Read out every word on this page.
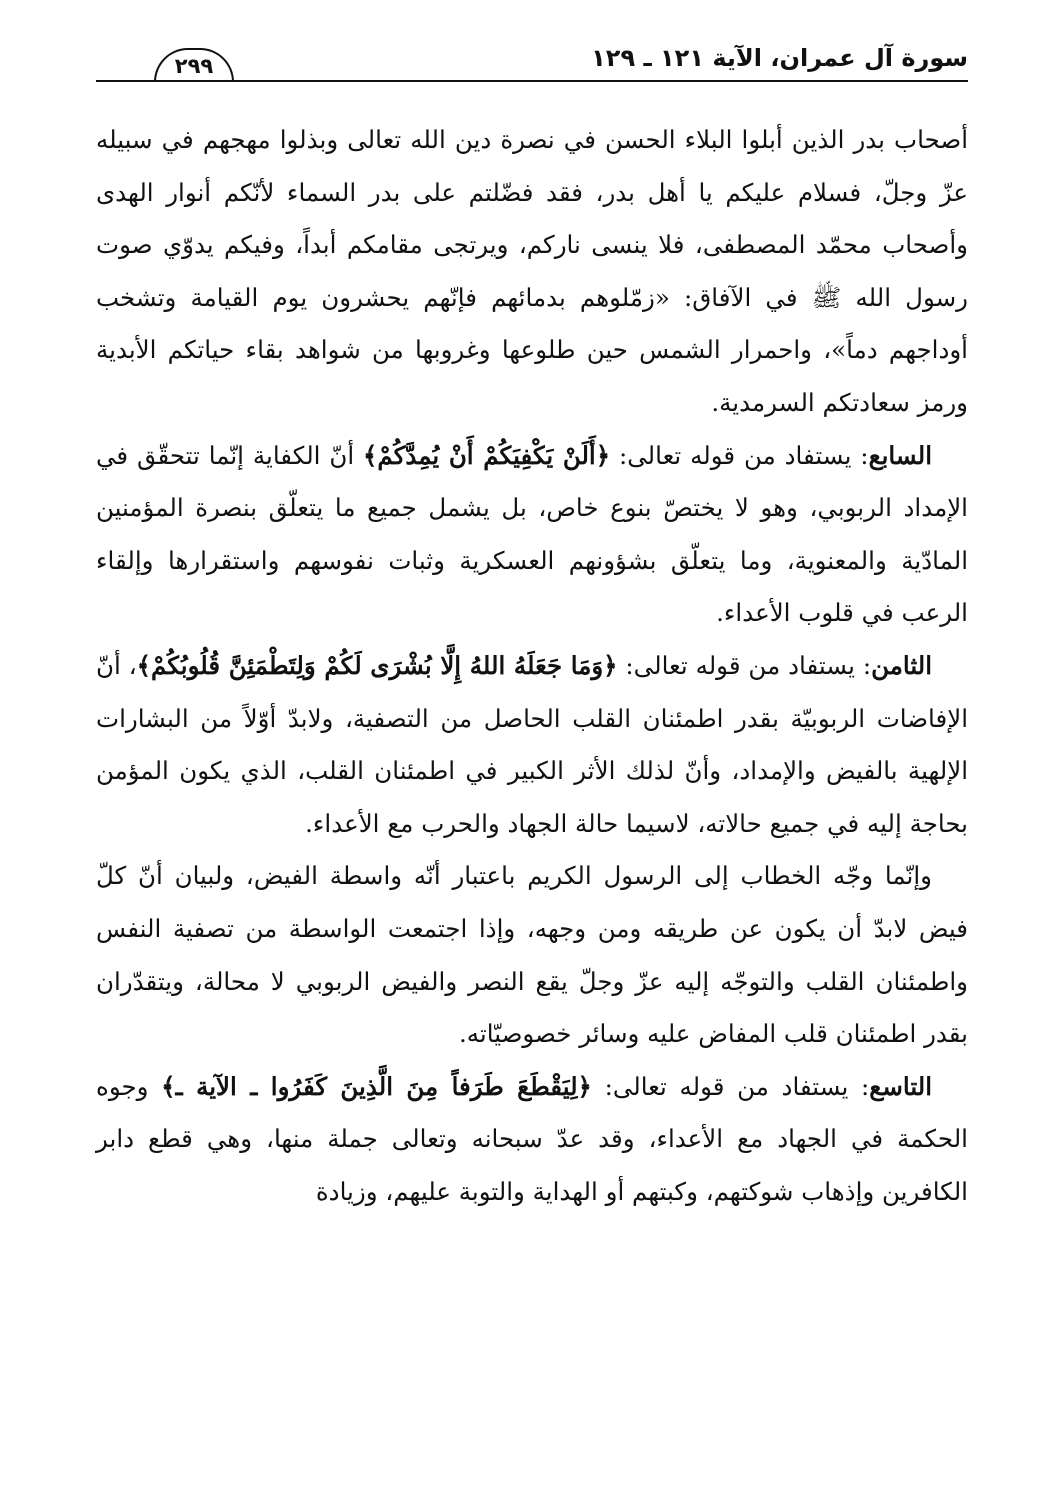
سورة آل عمران، الآية ١٢١ ـ ١٢٩
٢٩٩

أصحاب بدر الذين أبلوا البلاء الحسن في نصرة دين الله تعالى وبذلوا مهجهم في سبيله عزّ وجلّ، فسلام عليكم يا أهل بدر، فقد فضّلتم على بدر السماء لأنّكم أنوار الهدى وأصحاب محمّد المصطفى، فلا ينسى ناركم، ويرتجى مقامكم أبداً، وفيكم يدوّي صوت رسول الله ﷺ في الآفاق: «زمّلوهم بدمائهم فإنّهم يحشرون يوم القيامة وتشخب أوداجهم دماً»، واحمرار الشمس حين طلوعها وغروبها من شواهد بقاء حياتكم الأبدية ورمز سعادتكم السرمدية.

السابع: يستفاد من قوله تعالى: ﴿أَلَنْ يَكْفِيَكُمْ أَنْ يُمِدَّكُمْ﴾ أنّ الكفاية إنّما تتحقّق في الإمداد الربوبي، وهو لا يختصّ بنوع خاص، بل يشمل جميع ما يتعلّق بنصرة المؤمنين المادّية والمعنوية، وما يتعلّق بشؤونهم العسكرية وثبات نفوسهم واستقرارها وإلقاء الرعب في قلوب الأعداء.

الثامن: يستفاد من قوله تعالى: ﴿وَمَا جَعَلَهُ اللهُ إِلَّا بُشْرَى لَكُمْ وَلِتَطْمَئِنَّ قُلُوبُكُمْ﴾، أنّ الإفاضات الربوبيّة بقدر اطمئنان القلب الحاصل من التصفية، ولابدّ أوّلاً من البشارات الإلهية بالفيض والإمداد، وأنّ لذلك الأثر الكبير في اطمئنان القلب، الذي يكون المؤمن بحاجة إليه في جميع حالاته، لاسيما حالة الجهاد والحرب مع الأعداء.

وإنّما وجّه الخطاب إلى الرسول الكريم باعتبار أنّه واسطة الفيض، ولبيان أنّ كلّ فيض لابدّ أن يكون عن طريقه ومن وجهه، وإذا اجتمعت الواسطة من تصفية النفس واطمئنان القلب والتوجّه إليه عزّ وجلّ يقع النصر والفيض الربوبي لا محالة، ويتقدّران بقدر اطمئنان قلب المفاض عليه وسائر خصوصيّاته.

التاسع: يستفاد من قوله تعالى: ﴿لِيَقْطَعَ طَرَفاً مِنَ الَّذِينَ كَفَرُوا ـ الآية ـ﴾ وجوه الحكمة في الجهاد مع الأعداء، وقد عدّ سبحانه وتعالى جملة منها، وهي قطع دابر الكافرين وإذهاب شوكتهم، وكبتهم أو الهداية والتوبة عليهم، وزيادة
